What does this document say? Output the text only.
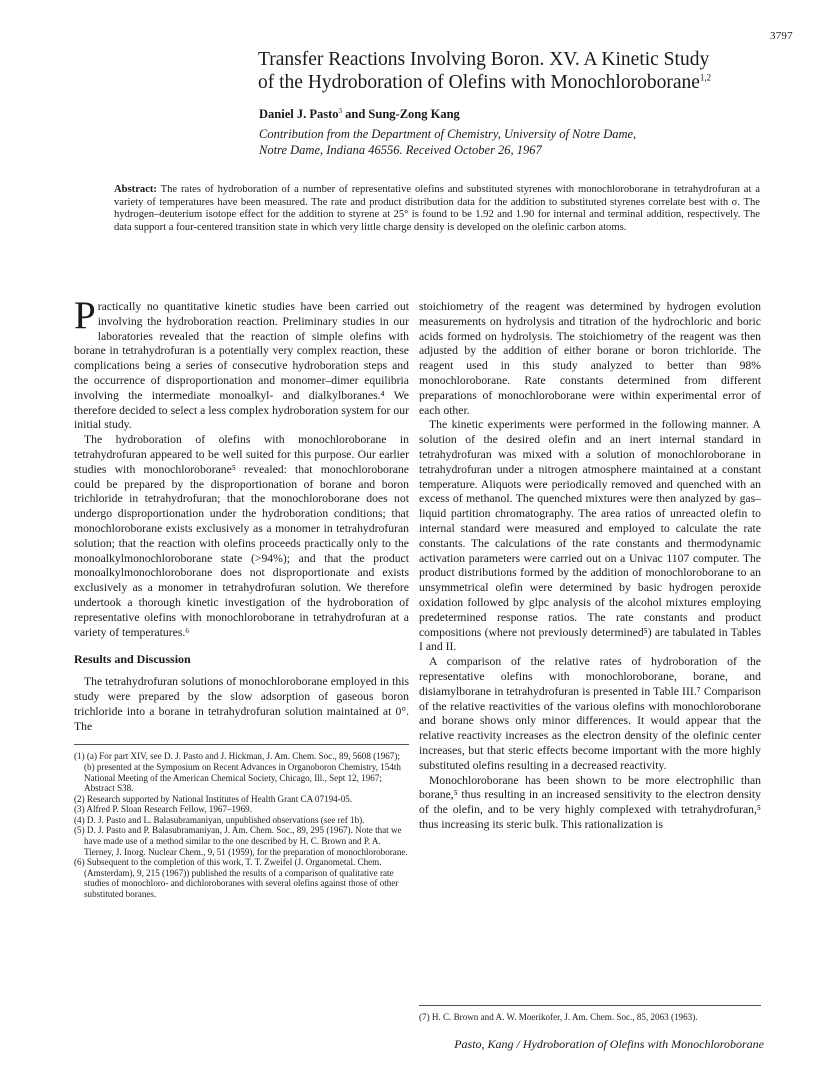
3797
Transfer Reactions Involving Boron. XV. A Kinetic Study
of the Hydroboration of Olefins with Monochloroborane$^{1,2}$
Daniel J. Pasto$^3$ and Sung-Zong Kang
Contribution from the Department of Chemistry, University of Notre Dame,
Notre Dame, Indiana 46556. Received October 26, 1967
Abstract: The rates of hydroboration of a number of representative olefins and substituted styrenes with monochloroborane in tetrahydrofuran at a variety of temperatures have been measured. The rate and product distribution data for the addition to substituted styrenes correlate best with σ. The hydrogen–deuterium isotope effect for the addition to styrene at 25° is found to be 1.92 and 1.90 for internal and terminal addition, respectively. The data support a four-centered transition state in which very little charge density is developed on the olefinic carbon atoms.

Practically no quantitative kinetic studies have been carried out involving the hydroboration reaction. Preliminary studies in our laboratories revealed that the reaction of simple olefins with borane in tetrahydrofuran is a potentially very complex reaction, these complications being a series of consecutive hydroboration steps and the occurrence of disproportionation and monomer–dimer equilibria involving the intermediate monoalkyl- and dialkylboranes.⁴ We therefore decided to select a less complex hydroboration system for our initial study.

The hydroboration of olefins with monochloroborane in tetrahydrofuran appeared to be well suited for this purpose. Our earlier studies with monochloroborane⁵ revealed: that monochloroborane could be prepared by the disproportionation of borane and boron trichloride in tetrahydrofuran; that the monochloroborane does not undergo disproportionation under the hydroboration conditions; that monochloroborane exists exclusively as a monomer in tetrahydrofuran solution; that the reaction with olefins proceeds practically only to the monoalkylmonochloroborane state (>94%); and that the product monoalkylmonochloroborane does not disproportionate and exists exclusively as a monomer in tetrahydrofuran solution. We therefore undertook a thorough kinetic investigation of the hydroboration of representative olefins with monochloroborane in tetrahydrofuran at a variety of temperatures.⁶

Results and Discussion

The tetrahydrofuran solutions of monochloroborane employed in this study were prepared by the slow adsorption of gaseous boron trichloride into a borane in tetrahydrofuran solution maintained at 0°. The

(1) (a) For part XIV, see D. J. Pasto and J. Hickman, J. Am. Chem. Soc., 89, 5608 (1967); (b) presented at the Symposium on Recent Advances in Organoboron Chemistry, 154th National Meeting of the American Chemical Society, Chicago, Ill., Sept 12, 1967; Abstract S38.
(2) Research supported by National Institutes of Health Grant CA 07194-05.
(3) Alfred P. Sloan Research Fellow, 1967–1969.
(4) D. J. Pasto and L. Balasubramaniyan, unpublished observations (see ref 1b).
(5) D. J. Pasto and P. Balasubramaniyan, J. Am. Chem. Soc., 89, 295 (1967). Note that we have made use of a method similar to the one described by H. C. Brown and P. A. Tierney, J. Inorg. Nuclear Chem., 9, 51 (1959), for the preparation of monochloroborane.
(6) Subsequent to the completion of this work, T. T. Zweifel (J. Organometal. Chem. (Amsterdam), 9, 215 (1967)) published the results of a comparison of qualitative rate studies of monochloro- and dichloroboranes with several olefins against those of other substituted boranes.

stoichiometry of the reagent was determined by hydrogen evolution measurements on hydrolysis and titration of the hydrochloric and boric acids formed on hydrolysis. The stoichiometry of the reagent was then adjusted by the addition of either borane or boron trichloride. The reagent used in this study analyzed to better than 98% monochloroborane. Rate constants determined from different preparations of monochloroborane were within experimental error of each other.

The kinetic experiments were performed in the following manner. A solution of the desired olefin and an inert internal standard in tetrahydrofuran was mixed with a solution of monochloroborane in tetrahydrofuran under a nitrogen atmosphere maintained at a constant temperature. Aliquots were periodically removed and quenched with an excess of methanol. The quenched mixtures were then analyzed by gas–liquid partition chromatography. The area ratios of unreacted olefin to internal standard were measured and employed to calculate the rate constants. The calculations of the rate constants and thermodynamic activation parameters were carried out on a Univac 1107 computer. The product distributions formed by the addition of monochloroborane to an unsymmetrical olefin were determined by basic hydrogen peroxide oxidation followed by glpc analysis of the alcohol mixtures employing predetermined response ratios. The rate constants and product compositions (where not previously determined⁵) are tabulated in Tables I and II.

A comparison of the relative rates of hydroboration of the representative olefins with monochloroborane, borane, and disiamylborane in tetrahydrofuran is presented in Table III.⁷ Comparison of the relative reactivities of the various olefins with monochloroborane and borane shows only minor differences. It would appear that the relative reactivity increases as the electron density of the olefinic center increases, but that steric effects become important with the more highly substituted olefins resulting in a decreased reactivity.

Monochloroborane has been shown to be more electrophilic than borane,⁵ thus resulting in an increased sensitivity to the electron density of the olefin, and to be very highly complexed with tetrahydrofuran,⁵ thus increasing its steric bulk. This rationalization is

(7) H. C. Brown and A. W. Moerikofer, J. Am. Chem. Soc., 85, 2063 (1963).
Pasto, Kang / Hydroboration of Olefins with Monochloroborane
